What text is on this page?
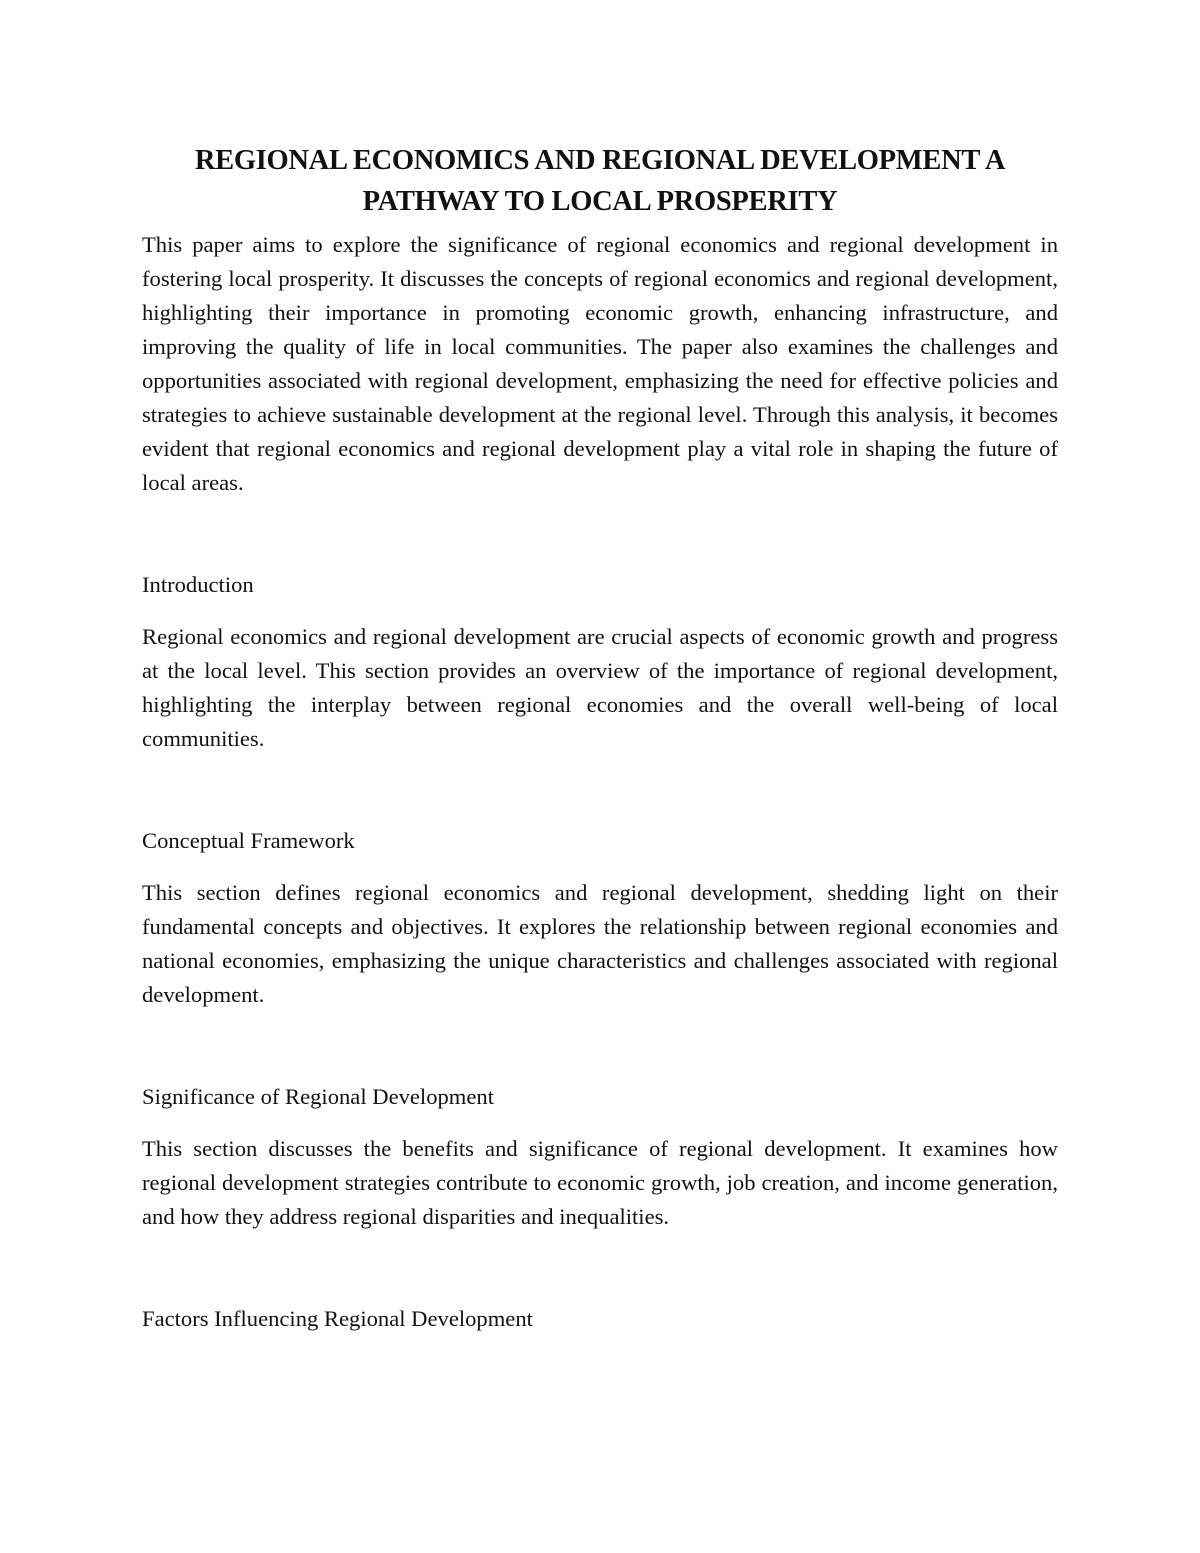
REGIONAL ECONOMICS AND REGIONAL DEVELOPMENT A
PATHWAY TO LOCAL PROSPERITY

This paper aims to explore the significance of regional economics and regional development in fostering local prosperity. It discusses the concepts of regional economics and regional development, highlighting their importance in promoting economic growth, enhancing infrastructure, and improving the quality of life in local communities. The paper also examines the challenges and opportunities associated with regional development, emphasizing the need for effective policies and strategies to achieve sustainable development at the regional level. Through this analysis, it becomes evident that regional economics and regional development play a vital role in shaping the future of local areas.

Introduction

Regional economics and regional development are crucial aspects of economic growth and progress at the local level. This section provides an overview of the importance of regional development, highlighting the interplay between regional economies and the overall well-being of local communities.

Conceptual Framework

This section defines regional economics and regional development, shedding light on their fundamental concepts and objectives. It explores the relationship between regional economies and national economies, emphasizing the unique characteristics and challenges associated with regional development.

Significance of Regional Development

This section discusses the benefits and significance of regional development. It examines how regional development strategies contribute to economic growth, job creation, and income generation, and how they address regional disparities and inequalities.

Factors Influencing Regional Development
